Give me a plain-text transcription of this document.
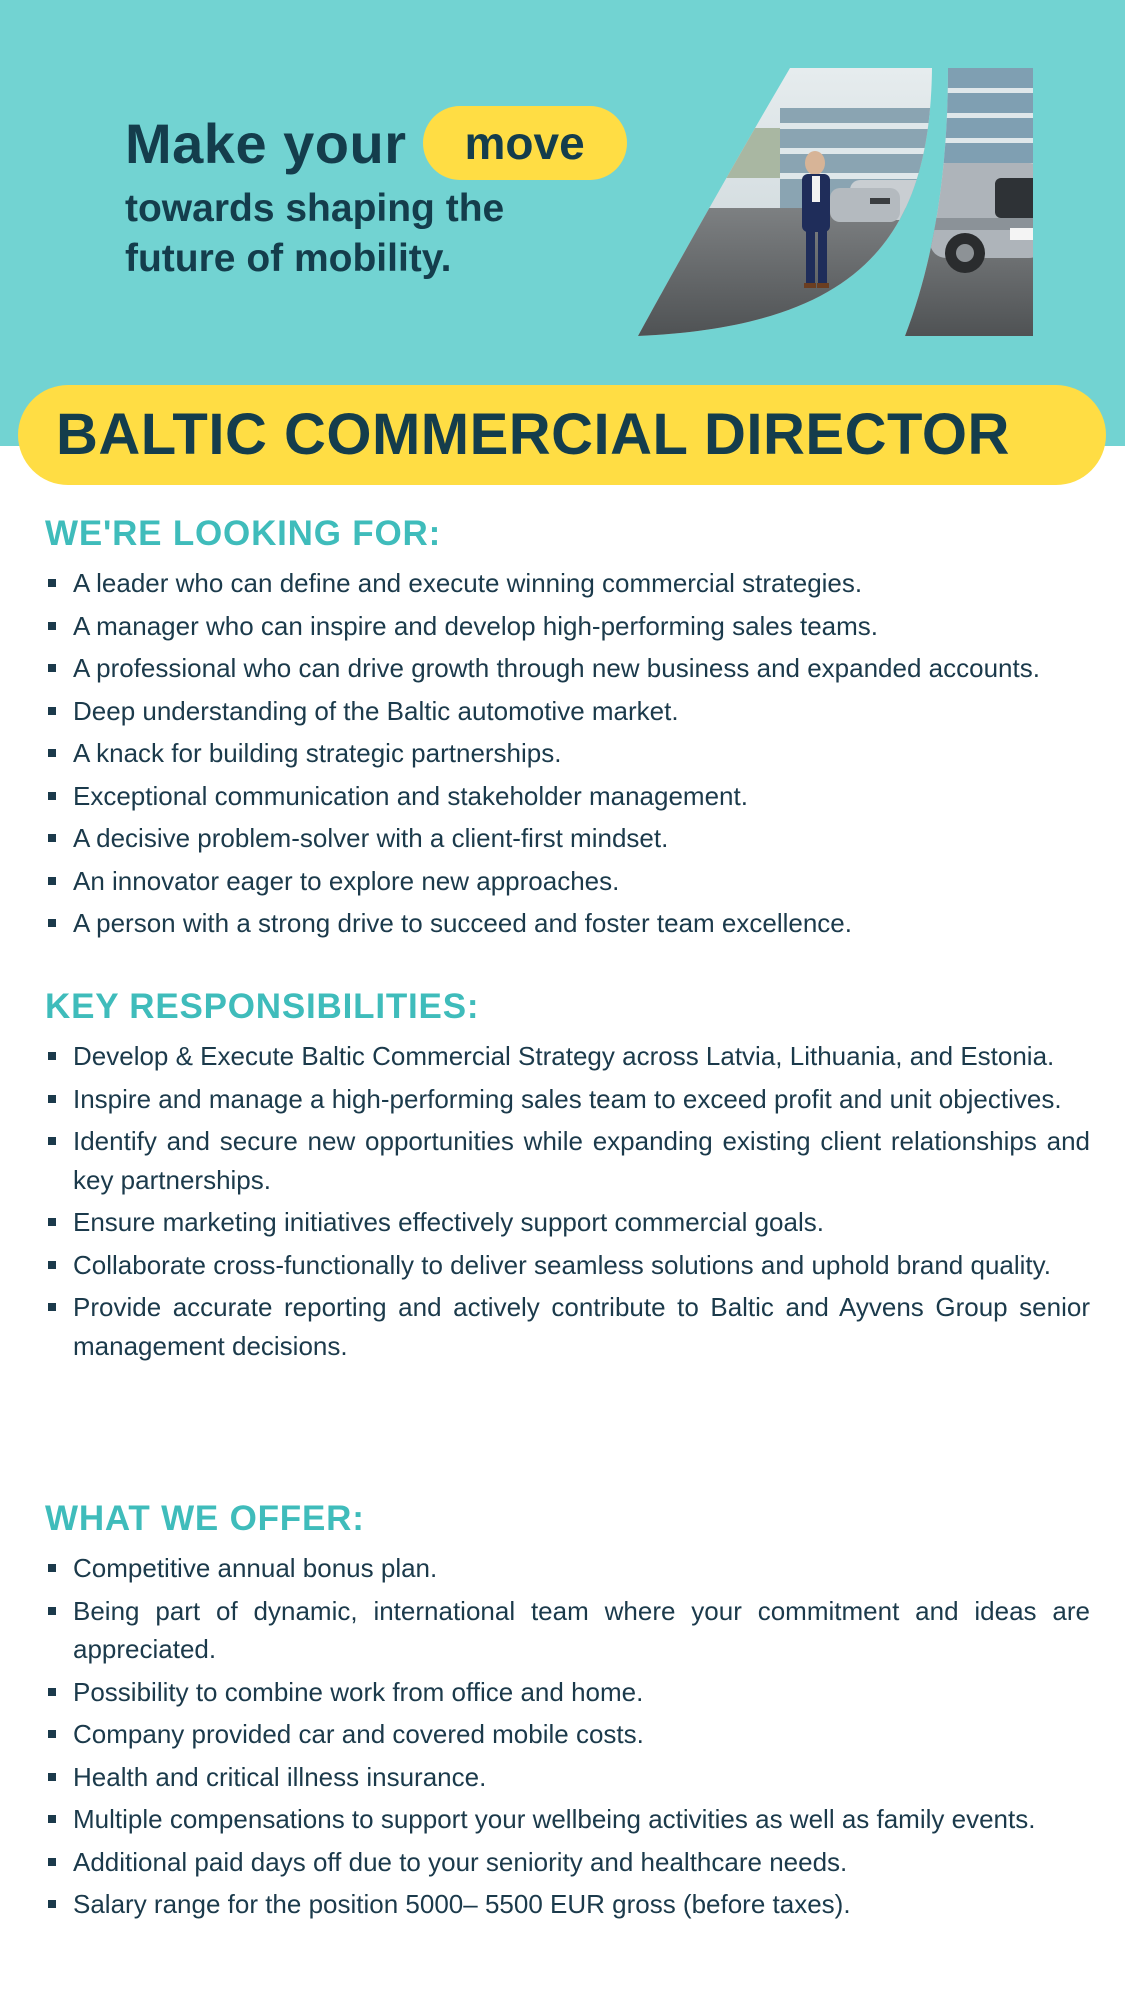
Make your	move
towards shaping the
future of mobility.
BALTIC COMMERCIAL DIRECTOR
WE'RE LOOKING FOR:
A leader who can define and execute winning commercial strategies.
A manager who can inspire and develop high-performing sales teams.
A professional who can drive growth through new business and expanded accounts.
Deep understanding of the Baltic automotive market.
A knack for building strategic partnerships.
Exceptional communication and stakeholder management.
A decisive problem-solver with a client-first mindset.
An innovator eager to explore new approaches.
A person with a strong drive to succeed and foster team excellence.
KEY RESPONSIBILITIES:
Develop & Execute Baltic Commercial Strategy across Latvia, Lithuania, and Estonia.
Inspire and manage a high-performing sales team to exceed profit and unit objectives.
Identify and secure new opportunities while expanding existing client relationships and key partnerships.
Ensure marketing initiatives effectively support commercial goals.
Collaborate cross-functionally to deliver seamless solutions and uphold brand quality.
Provide accurate reporting and actively contribute to Baltic and Ayvens Group senior management decisions.
WHAT WE OFFER:
Competitive annual bonus plan.
Being part of dynamic, international team where your commitment and ideas are appreciated.
Possibility to combine work from office and home.
Company provided car and covered mobile costs.
Health and critical illness insurance.
Multiple compensations to support your wellbeing activities as well as family events.
Additional paid days off due to your seniority and healthcare needs.
Salary range for the position 5000– 5500 EUR gross (before taxes).
